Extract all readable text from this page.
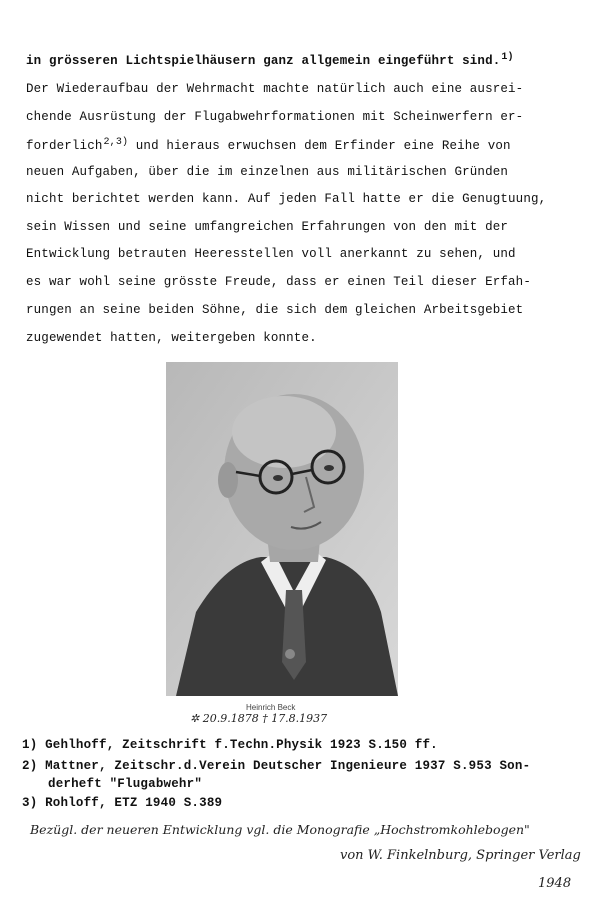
in grösseren Lichtspielhäusern ganz allgemein eingeführt sind.$^{1)}$
Der Wiederaufbau der Wehrmacht machte natürlich auch eine ausrei-
chende Ausrüstung der Flugabwehrformationen mit Scheinwerfern er-
forderlich$^{2,3)}$ und hieraus erwuchsen dem Erfinder eine Reihe von
neuen Aufgaben, über die im einzelnen aus militärischen Gründen
nicht berichtet werden kann. Auf jeden Fall hatte er die Genugtuung,
sein Wissen und seine umfangreichen Erfahrungen von den mit der
Entwicklung betrauten Heeresstellen voll anerkannt zu sehen, und
es war wohl seine grösste Freude, dass er einen Teil dieser Erfah-
rungen an seine beiden Söhne, die sich dem gleichen Arbeitsgebiet
zugewendet hatten, weitergeben konnte.
Heinrich Beck
✲ 20.9.1878 † 17.8.1937
1) Gehlhoff, Zeitschrift f.Techn.Physik 1923 S.150 ff.
2) Mattner, Zeitschr.d.Verein Deutscher Ingenieure 1937 S.953 Son-
derheft "Flugabwehr"
3) Rohloff, ETZ 1940 S.389
Bezügl. der neueren Entwicklung vgl. die Monografie „Hochstromkohlebogen"
von W. Finkelnburg, Springer Verlag
1948
